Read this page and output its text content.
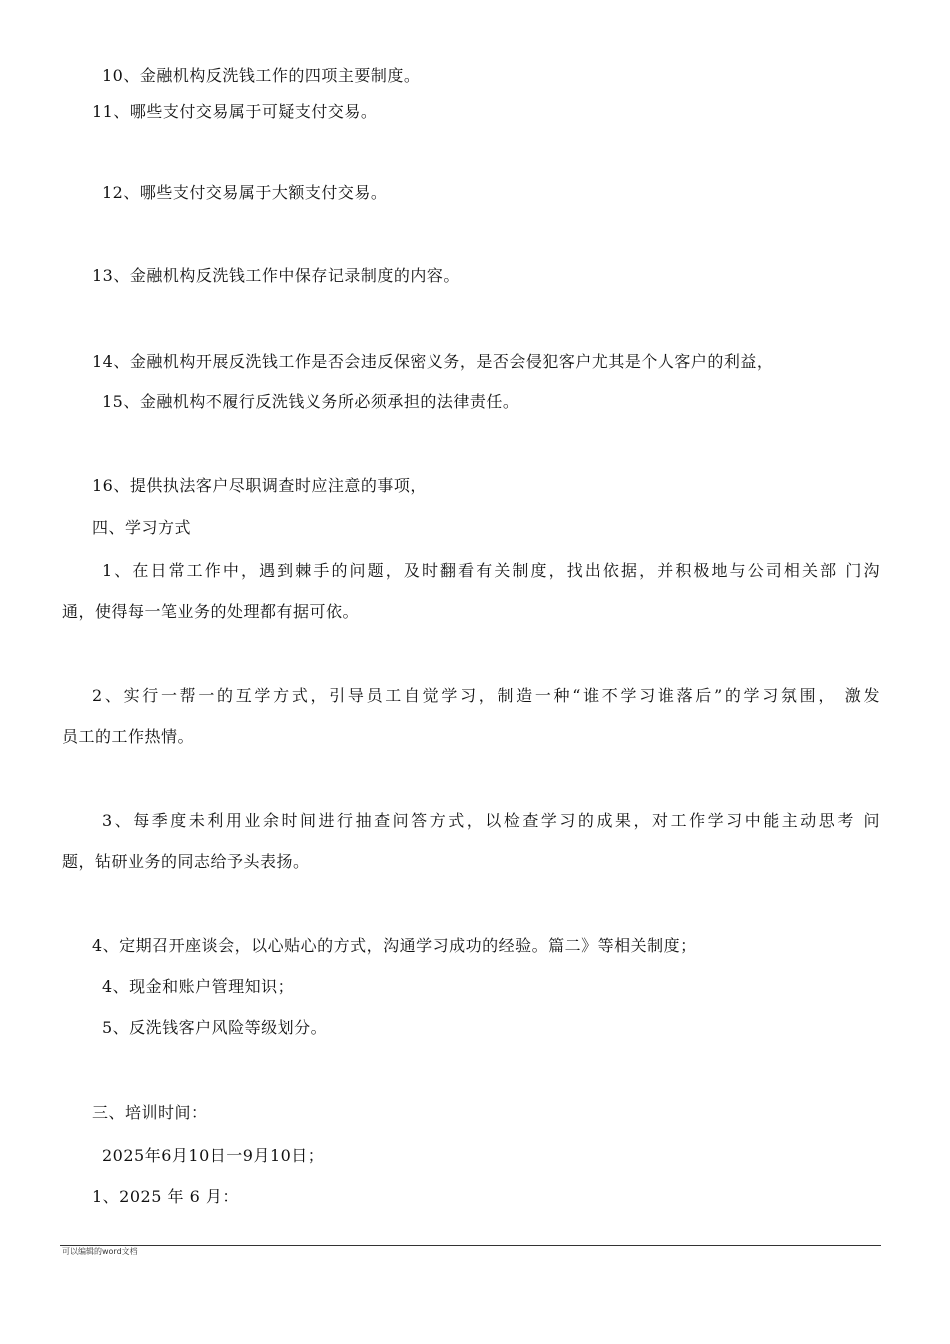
10、金融机构反洗钱工作的四项主要制度。
11、哪些支付交易属于可疑支付交易。
12、哪些支付交易属于大额支付交易。
13、金融机构反洗钱工作中保存记录制度的内容。
14、金融机构开展反洗钱工作是否会违反保密义务，是否会侵犯客户尤其是个人客户的利益，
15、金融机构不履行反洗钱义务所必须承担的法律责任。
16、提供执法客户尽职调查时应注意的事项，
四、学习方式
1、在日常工作中，遇到棘手的问题，及时翻看有关制度，找出依据，并积极地与公司相关部 门沟
通，使得每一笔业务的处理都有据可依。
2、实行一帮一的互学方式，引导员工自觉学习，制造一种“谁不学习谁落后”的学习氛围， 激发
员工的工作热情。
3、每季度未利用业余时间进行抽查问答方式，以检查学习的成果，对工作学习中能主动思考 问
题，钻研业务的同志给予头表扬。
4、定期召开座谈会，以心贴心的方式，沟通学习成功的经验。篇二》等相关制度；
4、现金和账户管理知识；
5、反洗钱客户风险等级划分。
三、培训时间：
2025年6月10日一9月10日；
1、2025 年 6 月：
可以编辑的word文档
